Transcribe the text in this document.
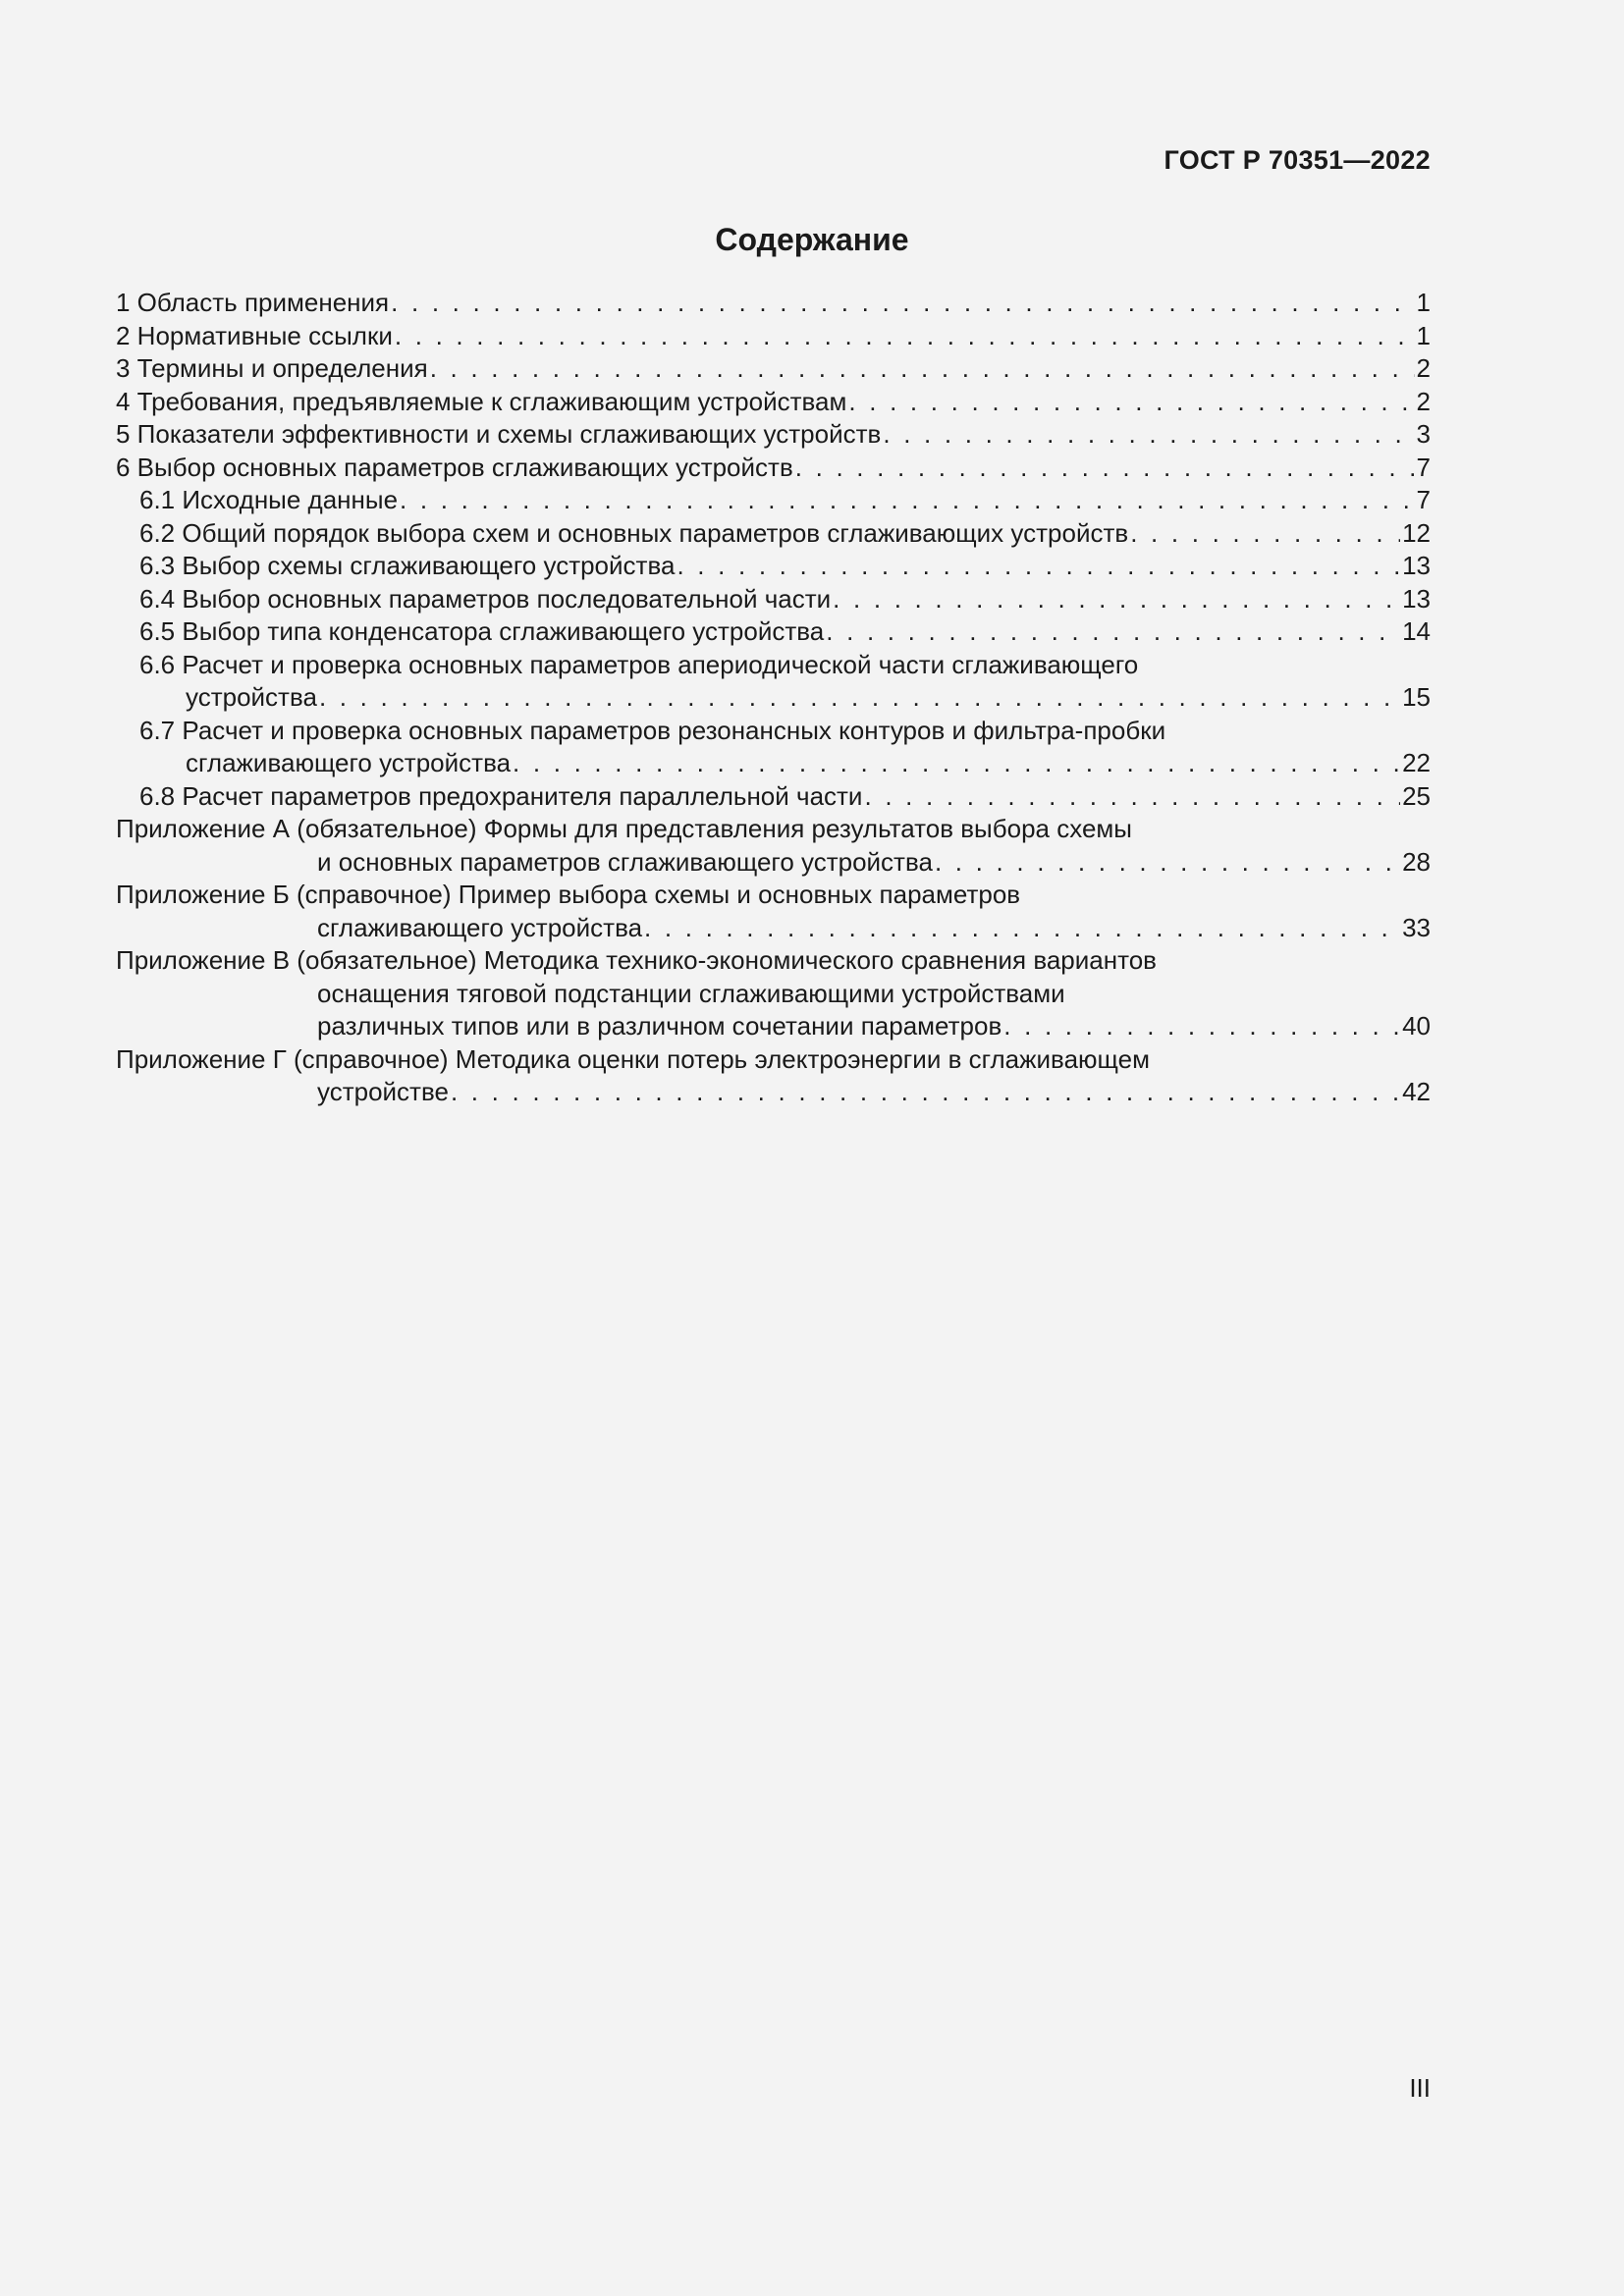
ГОСТ Р 70351—2022
Содержание
1 Область применения . . .	1
2 Нормативные ссылки . . .	1
3 Термины и определения . . .	2
4 Требования, предъявляемые к сглаживающим устройствам . . .	2
5 Показатели эффективности и схемы сглаживающих устройств . . .	3
6 Выбор основных параметров сглаживающих устройств . . .	7
6.1 Исходные данные . . .	7
6.2 Общий порядок выбора схем и основных параметров сглаживающих устройств . . .	12
6.3 Выбор схемы сглаживающего устройства . . .	13
6.4 Выбор основных параметров последовательной части . . .	13
6.5 Выбор типа конденсатора сглаживающего устройства . . .	14
6.6 Расчет и проверка основных параметров апериодической части сглаживающего
устройства . . .	15
6.7 Расчет и проверка основных параметров резонансных контуров и фильтра-пробки
сглаживающего устройства . . .	22
6.8 Расчет параметров предохранителя параллельной части . . .	25
Приложение А (обязательное) Формы для представления результатов выбора схемы
и основных параметров сглаживающего устройства . . .	28
Приложение Б (справочное) Пример выбора схемы и основных параметров
сглаживающего устройства . . .	33
Приложение В (обязательное) Методика технико-экономического сравнения вариантов
оснащения тяговой подстанции сглаживающими устройствами
различных типов или в различном сочетании параметров . . .	40
Приложение Г (справочное) Методика оценки потерь электроэнергии в сглаживающем
устройстве . . .	42
III
